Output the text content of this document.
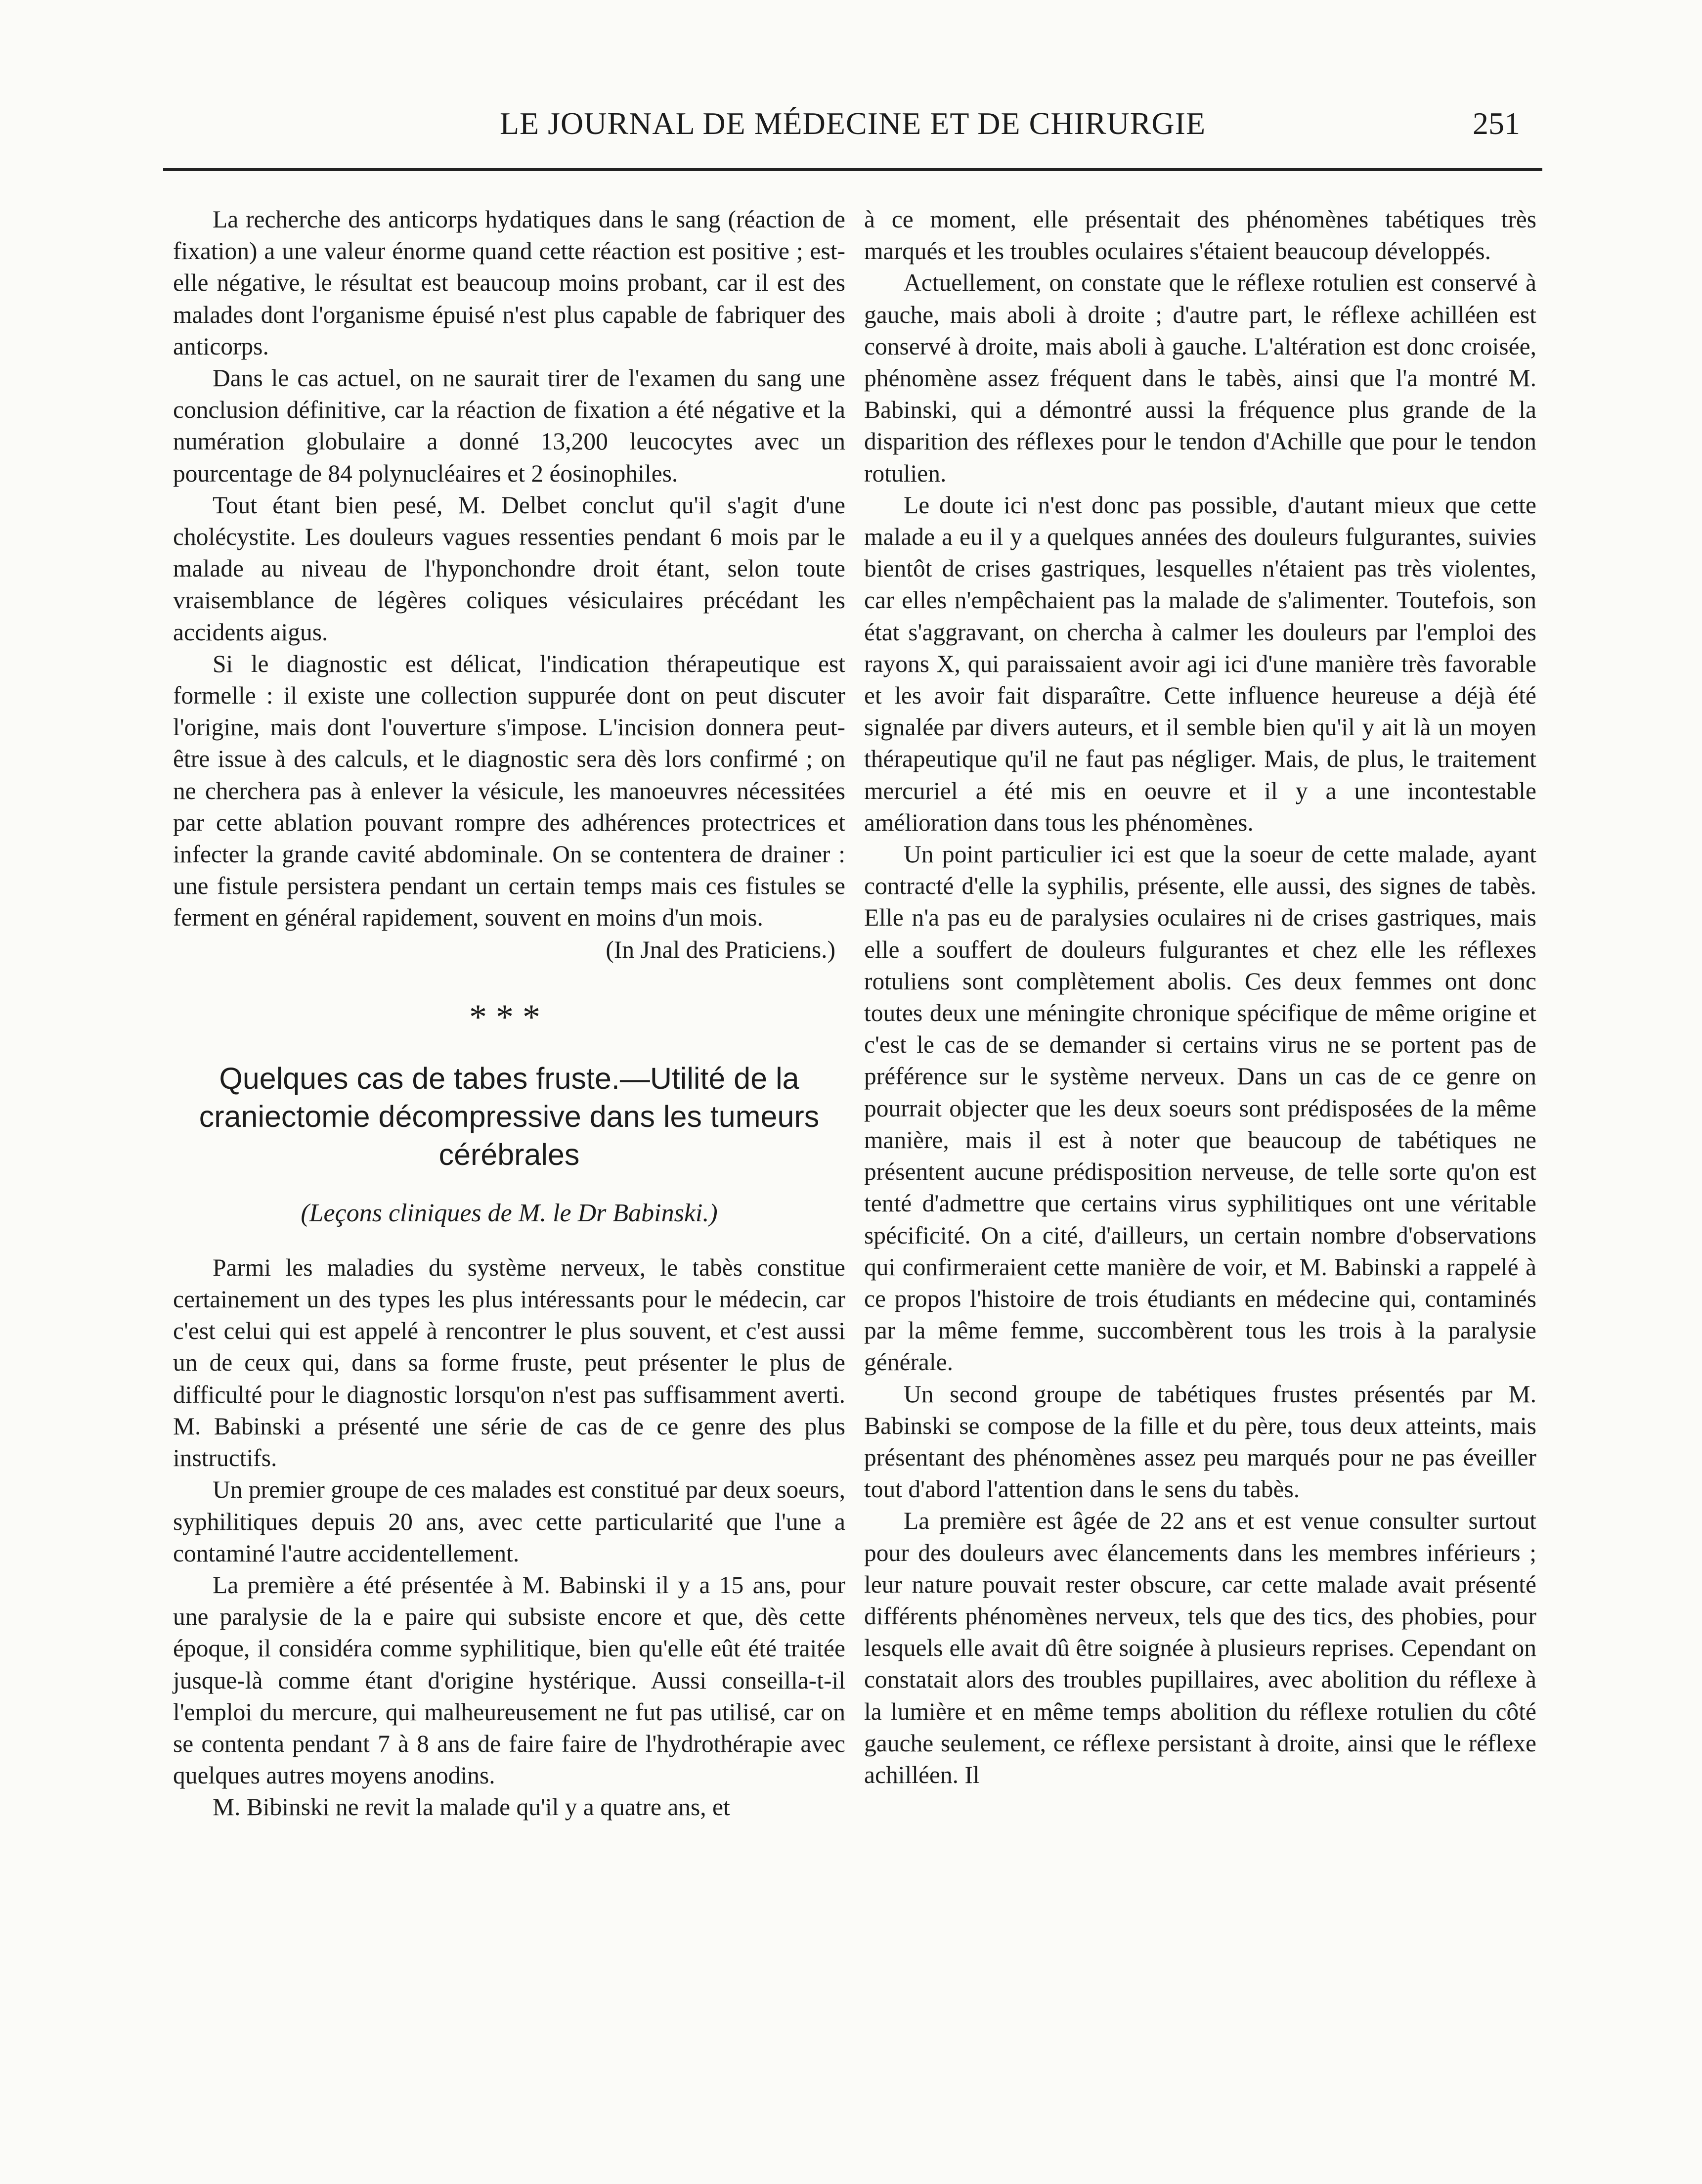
LE JOURNAL DE MÉDECINE ET DE CHIRURGIE	251

La recherche des anticorps hydatiques dans le sang (réaction de fixation) a une valeur énorme quand cette réaction est positive ; est-elle négative, le résultat est beaucoup moins probant, car il est des malades dont l'organisme épuisé n'est plus capable de fabriquer des anticorps.

Dans le cas actuel, on ne saurait tirer de l'examen du sang une conclusion définitive, car la réaction de fixation a été négative et la numération globulaire a donné 13,200 leucocytes avec un pourcentage de 84 polynucléaires et 2 éosinophiles.

Tout étant bien pesé, M. Delbet conclut qu'il s'agit d'une cholécystite. Les douleurs vagues ressenties pendant 6 mois par le malade au niveau de l'hyponchondre droit étant, selon toute vraisemblance de légères coliques vésiculaires précédant les accidents aigus.

Si le diagnostic est délicat, l'indication thérapeutique est formelle : il existe une collection suppurée dont on peut discuter l'origine, mais dont l'ouverture s'impose. L'incision donnera peut-être issue à des calculs, et le diagnostic sera dès lors confirmé ; on ne cherchera pas à enlever la vésicule, les manoeuvres nécessitées par cette ablation pouvant rompre des adhérences protectrices et infecter la grande cavité abdominale. On se contentera de drainer : une fistule persistera pendant un certain temps mais ces fistules se ferment en général rapidement, souvent en moins d'un mois.

(In Jnal des Praticiens.)

***
Quelques cas de tabes fruste.—Utilité de la craniectomie décompressive dans les tumeurs cérébrales
(Leçons cliniques de M. le Dr Babinski.)

Parmi les maladies du système nerveux, le tabès constitue certainement un des types les plus intéressants pour le médecin, car c'est celui qui est appelé à rencontrer le plus souvent, et c'est aussi un de ceux qui, dans sa forme fruste, peut présenter le plus de difficulté pour le diagnostic lorsqu'on n'est pas suffisamment averti. M. Babinski a présenté une série de cas de ce genre des plus instructifs.

Un premier groupe de ces malades est constitué par deux soeurs, syphilitiques depuis 20 ans, avec cette particularité que l'une a contaminé l'autre accidentellement.

La première a été présentée à M. Babinski il y a 15 ans, pour une paralysie de la e paire qui subsiste encore et que, dès cette époque, il considéra comme syphilitique, bien qu'elle eût été traitée jusque-là comme étant d'origine hystérique. Aussi conseilla-t-il l'emploi du mercure, qui malheureusement ne fut pas utilisé, car on se contenta pendant 7 à 8 ans de faire faire de l'hydrothérapie avec quelques autres moyens anodins.

M. Bibinski ne revit la malade qu'il y a quatre ans, et

à ce moment, elle présentait des phénomènes tabétiques très marqués et les troubles oculaires s'étaient beaucoup développés.

Actuellement, on constate que le réflexe rotulien est conservé à gauche, mais aboli à droite ; d'autre part, le réflexe achilléen est conservé à droite, mais aboli à gauche. L'altération est donc croisée, phénomène assez fréquent dans le tabès, ainsi que l'a montré M. Babinski, qui a démontré aussi la fréquence plus grande de la disparition des réflexes pour le tendon d'Achille que pour le tendon rotulien.

Le doute ici n'est donc pas possible, d'autant mieux que cette malade a eu il y a quelques années des douleurs fulgurantes, suivies bientôt de crises gastriques, lesquelles n'étaient pas très violentes, car elles n'empêchaient pas la malade de s'alimenter. Toutefois, son état s'aggravant, on chercha à calmer les douleurs par l'emploi des rayons X, qui paraissaient avoir agi ici d'une manière très favorable et les avoir fait disparaître. Cette influence heureuse a déjà été signalée par divers auteurs, et il semble bien qu'il y ait là un moyen thérapeutique qu'il ne faut pas négliger. Mais, de plus, le traitement mercuriel a été mis en oeuvre et il y a une incontestable amélioration dans tous les phénomènes.

Un point particulier ici est que la soeur de cette malade, ayant contracté d'elle la syphilis, présente, elle aussi, des signes de tabès. Elle n'a pas eu de paralysies oculaires ni de crises gastriques, mais elle a souffert de douleurs fulgurantes et chez elle les réflexes rotuliens sont complètement abolis. Ces deux femmes ont donc toutes deux une méningite chronique spécifique de même origine et c'est le cas de se demander si certains virus ne se portent pas de préférence sur le système nerveux. Dans un cas de ce genre on pourrait objecter que les deux soeurs sont prédisposées de la même manière, mais il est à noter que beaucoup de tabétiques ne présentent aucune prédisposition nerveuse, de telle sorte qu'on est tenté d'admettre que certains virus syphilitiques ont une véritable spécificité. On a cité, d'ailleurs, un certain nombre d'observations qui confirmeraient cette manière de voir, et M. Babinski a rappelé à ce propos l'histoire de trois étudiants en médecine qui, contaminés par la même femme, succombèrent tous les trois à la paralysie générale.

Un second groupe de tabétiques frustes présentés par M. Babinski se compose de la fille et du père, tous deux atteints, mais présentant des phénomènes assez peu marqués pour ne pas éveiller tout d'abord l'attention dans le sens du tabès.

La première est âgée de 22 ans et est venue consulter surtout pour des douleurs avec élancements dans les membres inférieurs ; leur nature pouvait rester obscure, car cette malade avait présenté différents phénomènes nerveux, tels que des tics, des phobies, pour lesquels elle avait dû être soignée à plusieurs reprises. Cependant on constatait alors des troubles pupillaires, avec abolition du réflexe à la lumière et en même temps abolition du réflexe rotulien du côté gauche seulement, ce réflexe persistant à droite, ainsi que le réflexe achilléen. Il
